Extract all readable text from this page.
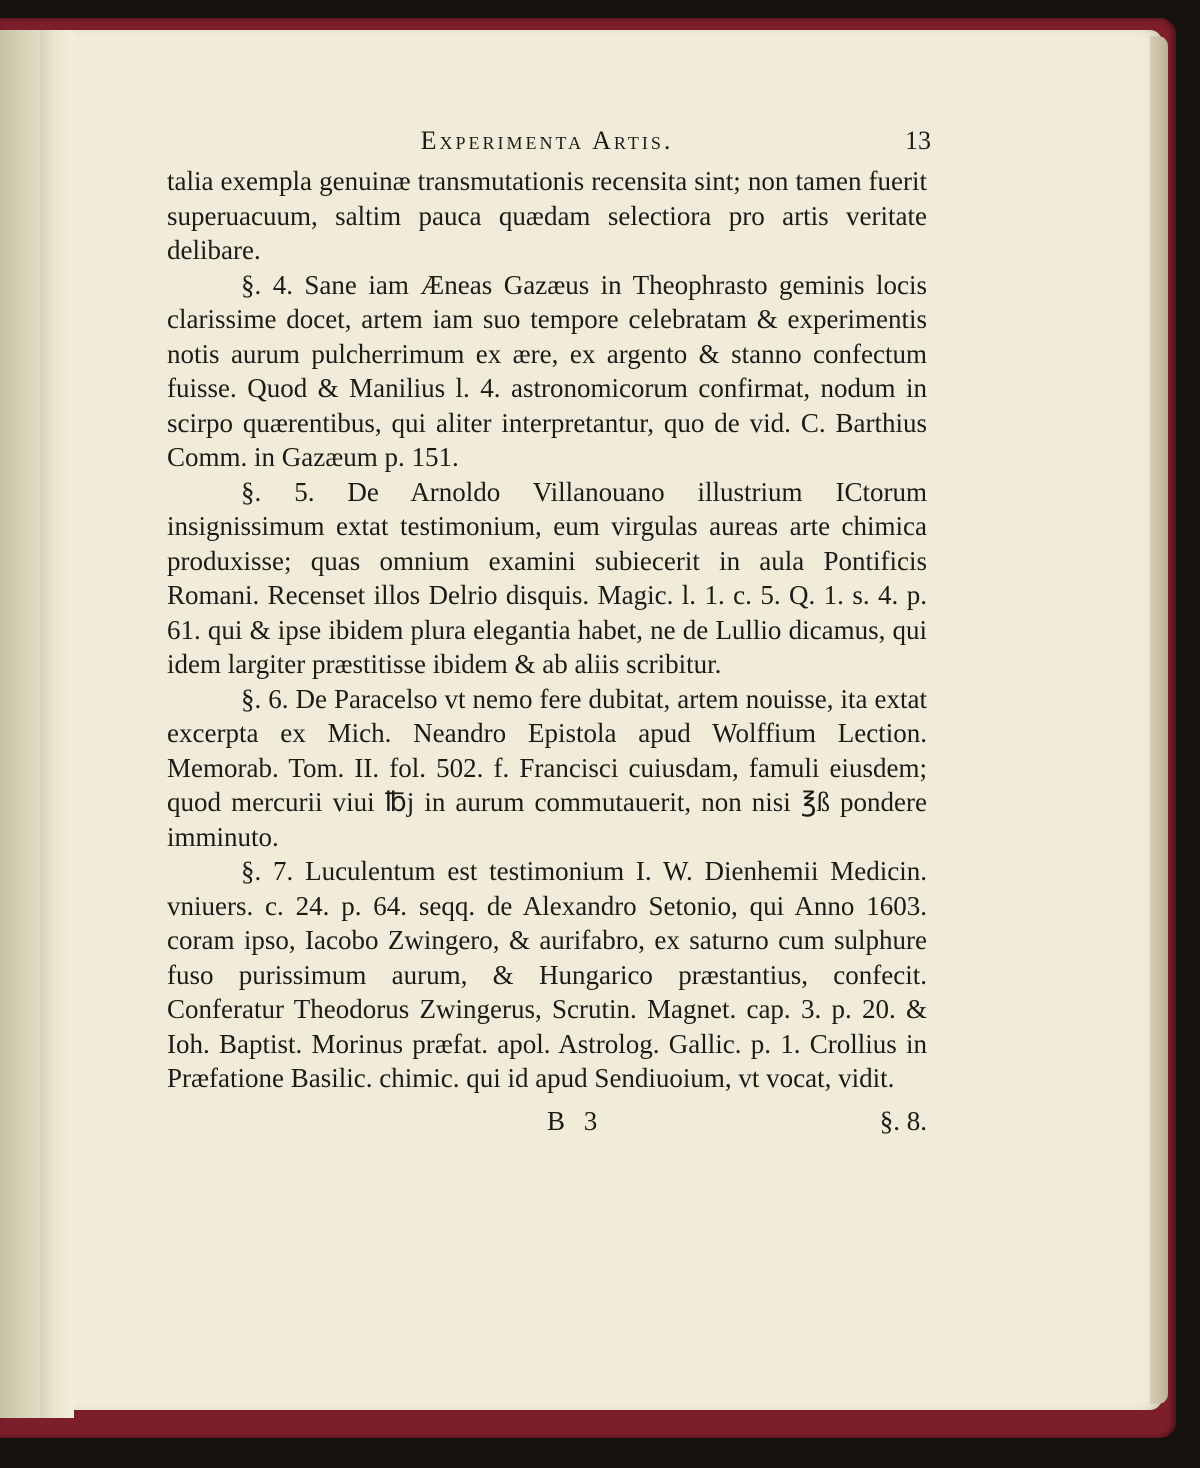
Experimenta Artis.	13

talia exempla genuinæ transmutationis recensita sint; non tamen fuerit superuacuum, saltim pauca quædam selectiora pro artis veritate delibare.

§. 4. Sane iam Æneas Gazæus in Theophrasto geminis locis clarissime docet, artem iam suo tempore celebratam & experimentis notis aurum pulcherrimum ex ære, ex argento & stanno confectum fuisse. Quod & Manilius l. 4. astronomicorum confirmat, nodum in scirpo quærentibus, qui aliter interpretantur, quo de vid. C. Barthius Comm. in Gazæum p. 151.

§. 5. De Arnoldo Villanouano illustrium ICtorum insignissimum extat testimonium, eum virgulas aureas arte chimica produxisse; quas omnium examini subiecerit in aula Pontificis Romani. Recenset illos Delrio disquis. Magic. l. 1. c. 5. Q. 1. s. 4. p. 61. qui & ipse ibidem plura elegantia habet, ne de Lullio dicamus, qui idem largiter præstitisse ibidem & ab aliis scribitur.

§. 6. De Paracelso vt nemo fere dubitat, artem nouisse, ita extat excerpta ex Mich. Neandro Epistola apud Wolffium Lection. Memorab. Tom. II. fol. 502. f. Francisci cuiusdam, famuli eiusdem; quod mercurii viui ℔j in aurum commutauerit, non nisi ℥ß pondere imminuto.

§. 7. Luculentum est testimonium I. W. Dienhemii Medicin. vniuers. c. 24. p. 64. seqq. de Alexandro Setonio, qui Anno 1603. coram ipso, Iacobo Zwingero, & aurifabro, ex saturno cum sulphure fuso purissimum aurum, & Hungarico præstantius, confecit. Conferatur Theodorus Zwingerus, Scrutin. Magnet. cap. 3. p. 20. & Ioh. Baptist. Morinus præfat. apol. Astrolog. Gallic. p. 1. Crollius in Præfatione Basilic. chimic. qui id apud Sendiuoium, vt vocat, vidit.

B 3	§. 8.
